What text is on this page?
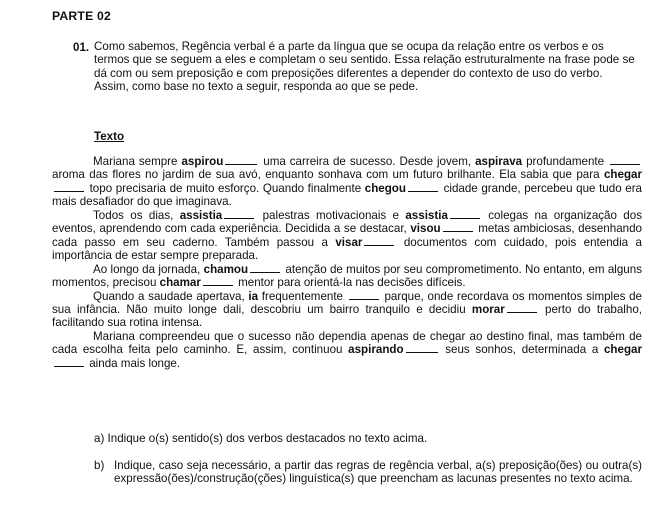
PARTE 02
01. Como sabemos, Regência verbal é a parte da língua que se ocupa da relação entre os verbos e os termos que se seguem a eles e completam o seu sentido. Essa relação estruturalmente na frase pode se dá com ou sem preposição e com preposições diferentes a depender do contexto de uso do verbo.

Assim, como base no texto a seguir, responda ao que se pede.

Texto

Mariana sempre aspirou	uma carreira de sucesso. Desde jovem, aspirava profundamente  aroma das flores no jardim de sua avó, enquanto sonhava com um futuro brilhante. Ela sabia que para chegar topo precisaria de muito esforço. Quando finalmente chegou	cidade grande, percebeu que tudo era mais desafiador do que imaginava.

Todos os dias, assistia	palestras motivacionais e assistia	colegas na organização dos eventos, aprendendo com cada experiência. Decidida a se destacar, visou	metas ambiciosas, desenhando cada passo em seu caderno. Também passou a visar	documentos com cuidado, pois entendia a importância de estar sempre preparada.

Ao longo da jornada, chamou	atenção de muitos por seu comprometimento. No entanto, em alguns momentos, precisou chamar	mentor para orientá-la nas decisões difíceis.

Quando a saudade apertava, ia frequentemente	parque, onde recordava os momentos simples de sua infância. Não muito longe dali, descobriu um bairro tranquilo e decidiu morar	perto do trabalho, facilitando sua rotina intensa.

Mariana compreendeu que o sucesso não dependia apenas de chegar ao destino final, mas também de cada escolha feita pelo caminho. E, assim, continuou aspirando	seus sonhos, determinada a chegar ainda mais longe.

a) Indique o(s) sentido(s) dos verbos destacados no texto acima.
b) Indique, caso seja necessário, a partir das regras de regência verbal, a(s) preposição(ões) ou outra(s) expressão(ões)/construção(ções) linguística(s) que preencham as lacunas presentes no texto acima.
